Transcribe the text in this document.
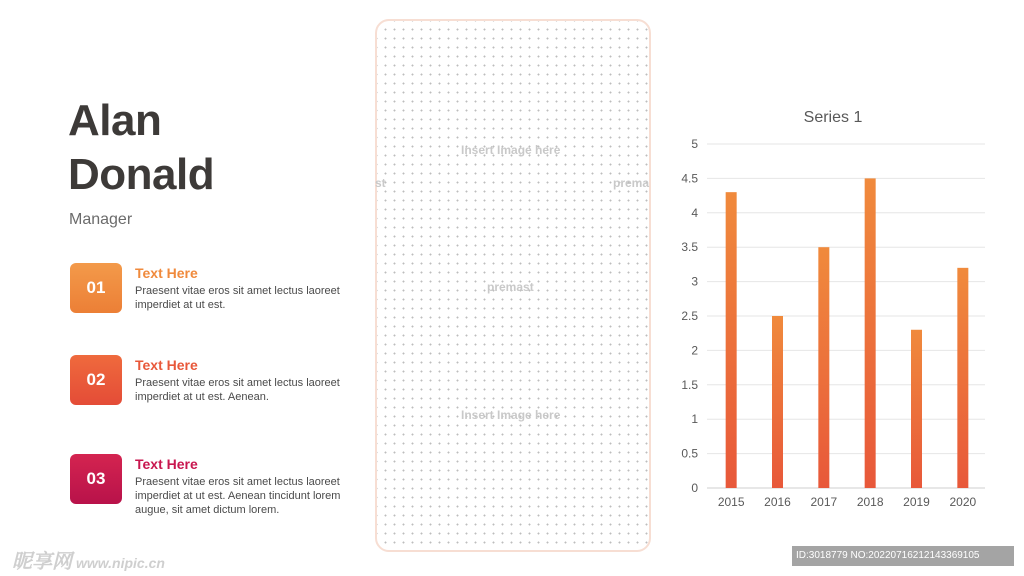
Alan
Donald
Manager
01
Text Here
Praesent vitae eros sit amet lectus laoreet imperdiet at ut est.
02
Text Here
Praesent vitae eros sit amet lectus laoreet imperdiet at ut est. Aenean.
03
Text Here
Praesent vitae eros sit amet lectus laoreet imperdiet at ut est. Aenean tincidunt lorem augue, sit amet dictum lorem.
Insert Image here
st	prema
premast
Insert Image here
Series 1
0
0.5
1
1.5
2
2.5
3
3.5
4
4.5
5
2015 2016 2017 2018 2019 2020
昵享网 www.nipic.cn	ID:3018779 NO:20220716212143369105
